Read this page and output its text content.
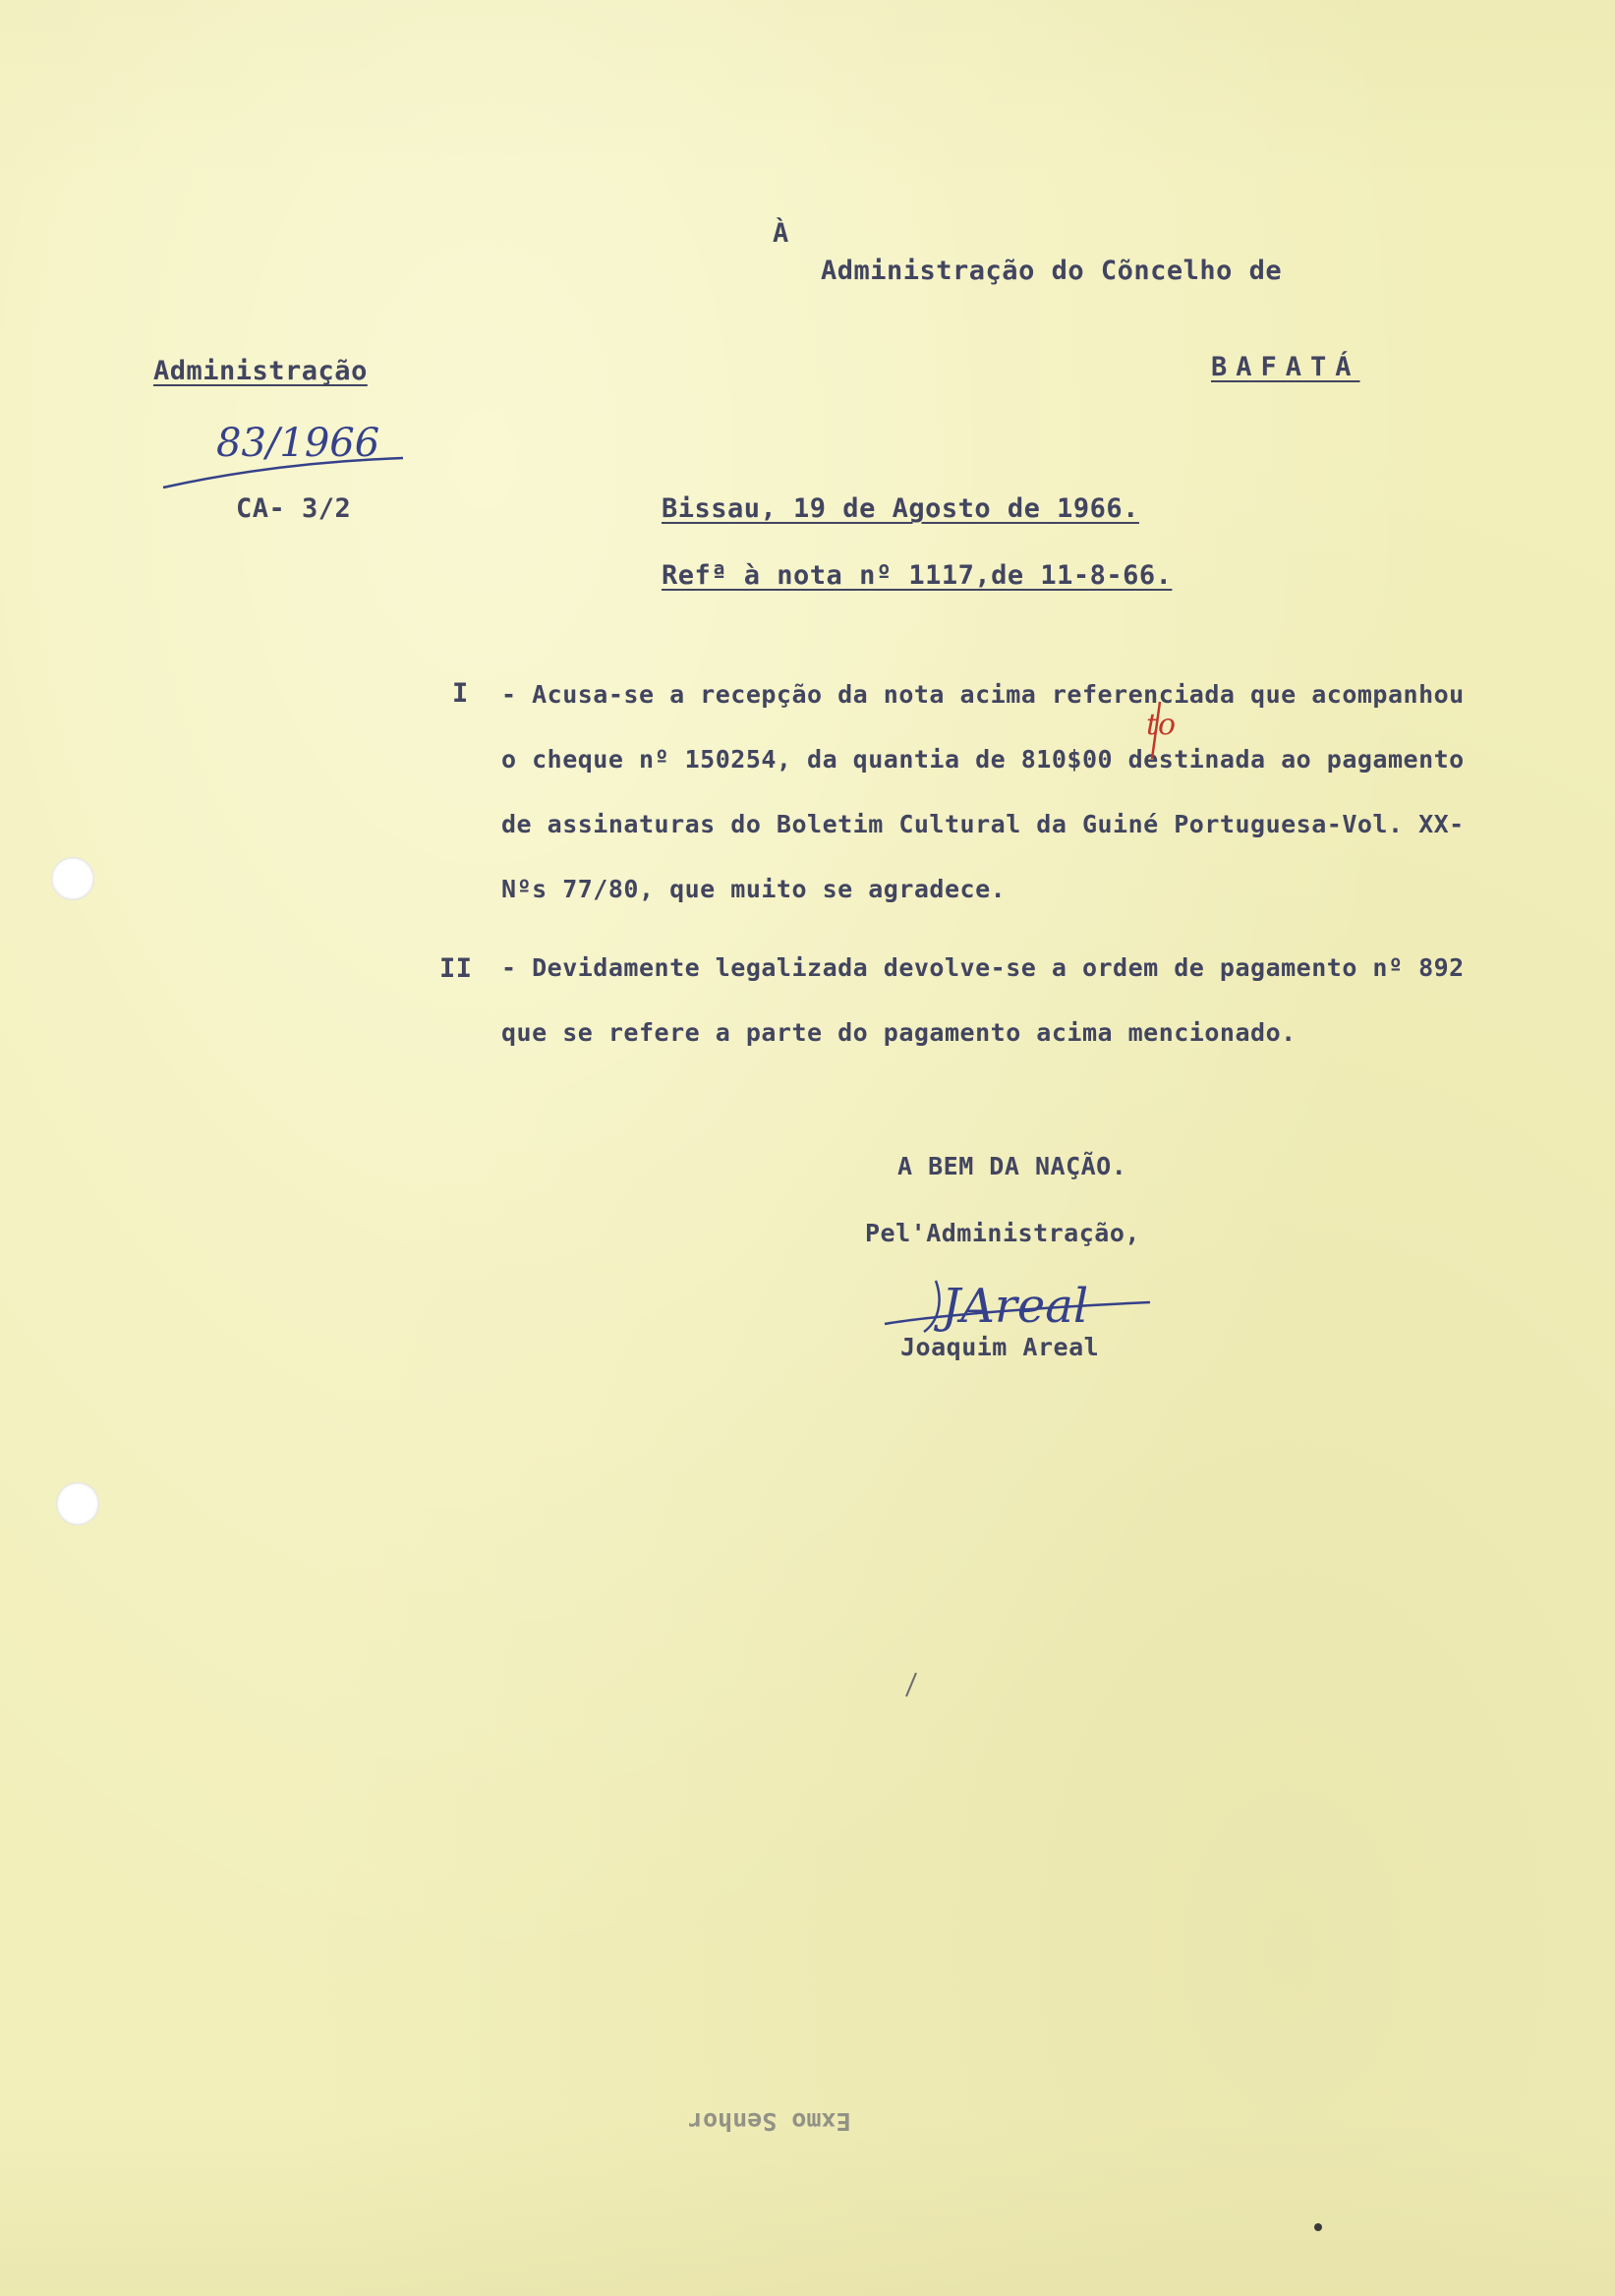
À
Administração do Cõncelho de
BAFATÁ
Administração
83/1966
CA- 3/2	Bissau, 19 de Agosto de 1966.
Refª à nota nº 1117,de 11-8-66.
I - Acusa-se a recepção da nota acima referenciada que acompanhou
o cheque nº 150254, da quantia de 810$00 destinada ao pagamento
de assinaturas do Boletim Cultural da Guiné Portuguesa-Vol. XX-
Nºs 77/80, que muito se agradece.
to
II - Devidamente legalizada devolve-se a ordem de pagamento nº 892
que se refere a parte do pagamento acima mencionado.
A BEM DA NAÇÃO.
Pel'Administração,
JAreal
Joaquim Areal
Exmo Senhor
